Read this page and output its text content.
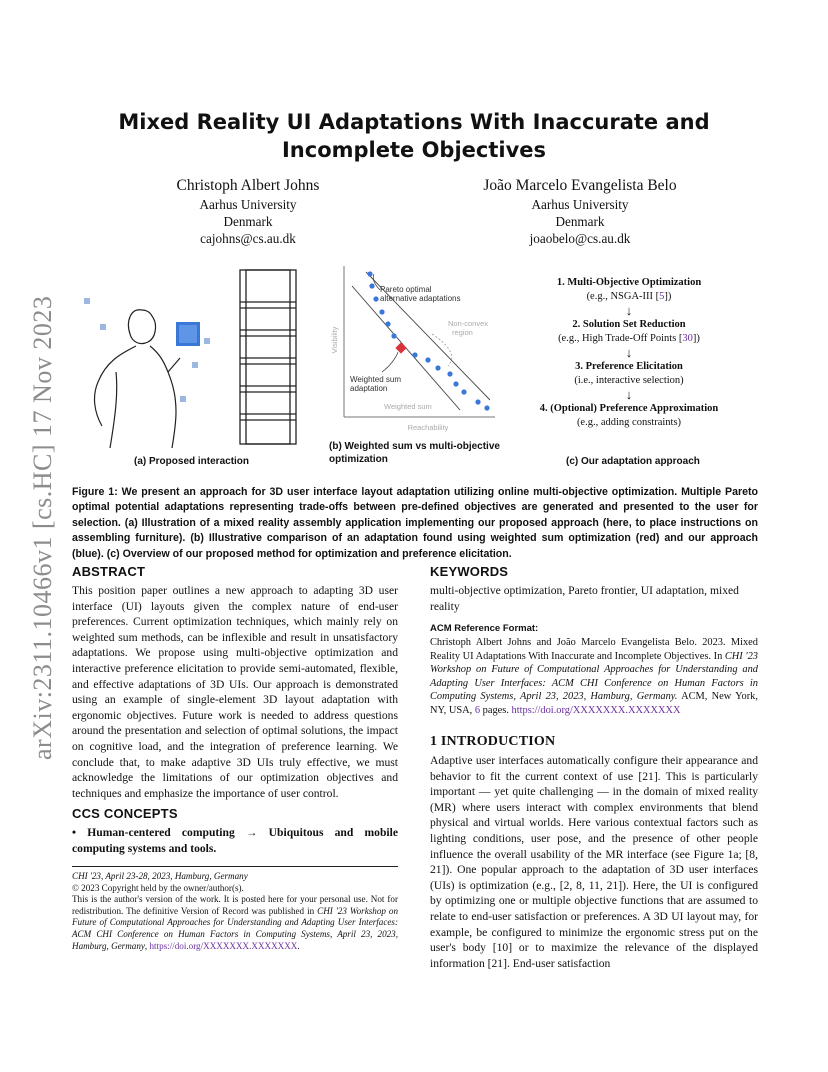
arXiv:2311.10466v1 [cs.HC] 17 Nov 2023
Mixed Reality UI Adaptations With Inaccurate and Incomplete Objectives
Christoph Albert Johns
Aarhus University
Denmark
cajohns@cs.au.dk
João Marcelo Evangelista Belo
Aarhus University
Denmark
joaobelo@cs.au.dk
(a) Proposed interaction
Reachability
Visibility
Weighted sum
Non-convex
region
Pareto optimal
alternative adaptations
Weighted sum
adaptation
(b) Weighted sum vs multi-objective optimization
1. Multi-Objective Optimization
(e.g., NSGA-III [5])
↓
2. Solution Set Reduction
(e.g., High Trade-Off Points [30])
↓
3. Preference Elicitation
(i.e., interactive selection)
↓
4. (Optional) Preference Approximation
(e.g., adding constraints)
(c) Our adaptation approach
Figure 1: We present an approach for 3D user interface layout adaptation utilizing online multi-objective optimization. Multiple Pareto optimal potential adaptations representing trade-offs between pre-defined objectives are generated and presented to the user for selection. (a) Illustration of a mixed reality assembly application implementing our proposed approach (here, to place instructions on assembling furniture). (b) Illustrative comparison of an adaptation found using weighted sum optimization (red) and our approach (blue). (c) Overview of our proposed method for optimization and preference elicitation.
ABSTRACT
This position paper outlines a new approach to adapting 3D user interface (UI) layouts given the complex nature of end-user preferences. Current optimization techniques, which mainly rely on weighted sum methods, can be inflexible and result in unsatisfactory adaptations. We propose using multi-objective optimization and interactive preference elicitation to provide semi-automated, flexible, and effective adaptations of 3D UIs. Our approach is demonstrated using an example of single-element 3D layout adaptation with ergonomic objectives. Future work is needed to address questions around the presentation and selection of optimal solutions, the impact on cognitive load, and the integration of preference learning. We conclude that, to make adaptive 3D UIs truly effective, we must acknowledge the limitations of our optimization objectives and techniques and emphasize the importance of user control.
CCS CONCEPTS
• Human-centered computing → Ubiquitous and mobile computing systems and tools.
CHI '23, April 23-28, 2023, Hamburg, Germany
© 2023 Copyright held by the owner/author(s).
This is the author's version of the work. It is posted here for your personal use. Not for redistribution. The definitive Version of Record was published in CHI '23 Workshop on Future of Computational Approaches for Understanding and Adapting User Interfaces: ACM CHI Conference on Human Factors in Computing Systems, April 23, 2023, Hamburg, Germany, https://doi.org/XXXXXXX.XXXXXXX.
KEYWORDS
multi-objective optimization, Pareto frontier, UI adaptation, mixed reality
ACM Reference Format:
Christoph Albert Johns and João Marcelo Evangelista Belo. 2023. Mixed Reality UI Adaptations With Inaccurate and Incomplete Objectives. In CHI '23 Workshop on Future of Computational Approaches for Understanding and Adapting User Interfaces: ACM CHI Conference on Human Factors in Computing Systems, April 23, 2023, Hamburg, Germany. ACM, New York, NY, USA, 6 pages. https://doi.org/XXXXXXX.XXXXXXX
1 INTRODUCTION
Adaptive user interfaces automatically configure their appearance and behavior to fit the current context of use [21]. This is particularly important — yet quite challenging — in the domain of mixed reality (MR) where users interact with complex environments that blend physical and virtual worlds. Here various contextual factors such as lighting conditions, user pose, and the presence of other people influence the overall usability of the MR interface (see Figure 1a; [8, 21]). One popular approach to the adaptation of 3D user interfaces (UIs) is optimization (e.g., [2, 8, 11, 21]). Here, the UI is configured by optimizing one or multiple objective functions that are assumed to relate to end-user satisfaction or preferences. A 3D UI layout may, for example, be configured to minimize the ergonomic stress put on the user's body [10] or to maximize the relevance of the displayed information [21]. End-user satisfaction
